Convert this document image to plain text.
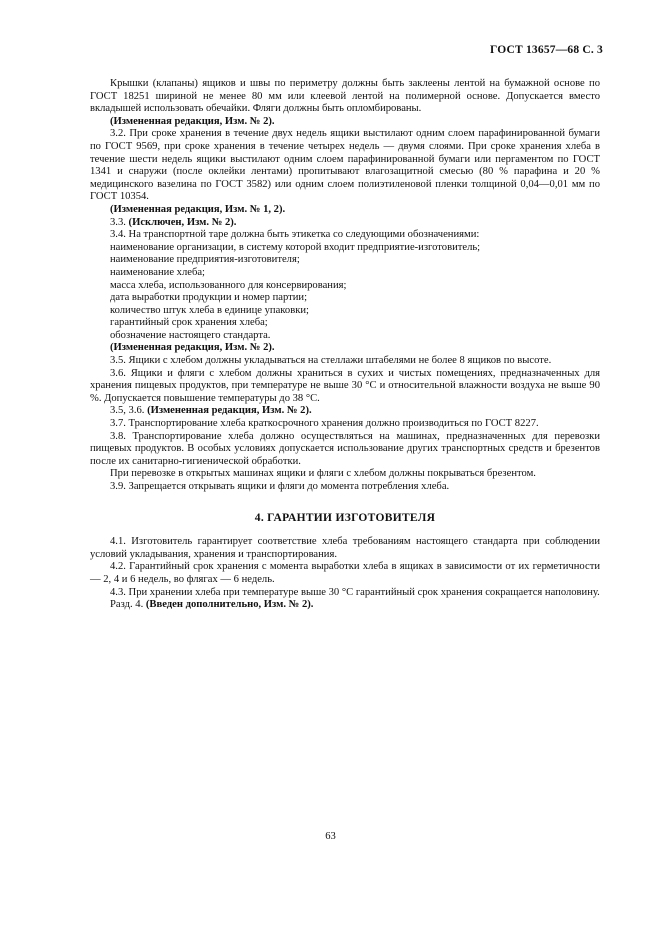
ГОСТ 13657—68 С. 3

Крышки (клапаны) ящиков и швы по периметру должны быть заклеены лентой на бумажной основе по ГОСТ 18251 шириной не менее 80 мм или клеевой лентой на полимерной основе. Допускается вместо вкладышей использовать обечайки. Фляги должны быть опломбированы.

(Измененная редакция, Изм. № 2).

3.2. При сроке хранения в течение двух недель ящики выстилают одним слоем парафинированной бумаги по ГОСТ 9569, при сроке хранения в течение четырех недель — двумя слоями. При сроке хранения хлеба в течение шести недель ящики выстилают одним слоем парафинированной бумаги или пергаментом по ГОСТ 1341 и снаружи (после оклейки лентами) пропитывают влагозащитной смесью (80 % парафина и 20 % медицинского вазелина по ГОСТ 3582) или одним слоем полиэтиленовой пленки толщиной 0,04—0,01 мм по ГОСТ 10354.

(Измененная редакция, Изм. № 1, 2).

3.3. (Исключен, Изм. № 2).

3.4. На транспортной таре должна быть этикетка со следующими обозначениями:

наименование организации, в систему которой входит предприятие-изготовитель;

наименование предприятия-изготовителя;

наименование хлеба;

масса хлеба, использованного для консервирования;

дата выработки продукции и номер партии;

количество штук хлеба в единице упаковки;

гарантийный срок хранения хлеба;

обозначение настоящего стандарта.

(Измененная редакция, Изм. № 2).

3.5. Ящики с хлебом должны укладываться на стеллажи штабелями не более 8 ящиков по высоте.

3.6. Ящики и фляги с хлебом должны храниться в сухих и чистых помещениях, предназначенных для хранения пищевых продуктов, при температуре не выше 30 °С и относительной влажности воздуха не выше 90 %. Допускается повышение температуры до 38 °С.

3.5, 3.6. (Измененная редакция, Изм. № 2).

3.7. Транспортирование хлеба краткосрочного хранения должно производиться по ГОСТ 8227.

3.8. Транспортирование хлеба должно осуществляться на машинах, предназначенных для перевозки пищевых продуктов. В особых условиях допускается использование других транспортных средств и брезентов после их санитарно-гигиенической обработки.

При перевозке в открытых машинах ящики и фляги с хлебом должны покрываться брезентом.

3.9. Запрещается открывать ящики и фляги до момента потребления хлеба.

4. ГАРАНТИИ ИЗГОТОВИТЕЛЯ

4.1. Изготовитель гарантирует соответствие хлеба требованиям настоящего стандарта при соблюдении условий укладывания, хранения и транспортирования.

4.2. Гарантийный срок хранения с момента выработки хлеба в ящиках в зависимости от их герметичности — 2, 4 и 6 недель, во флягах — 6 недель.

4.3. При хранении хлеба при температуре выше 30 °С гарантийный срок хранения сокращается наполовину.

Разд. 4. (Введен дополнительно, Изм. № 2).

63
